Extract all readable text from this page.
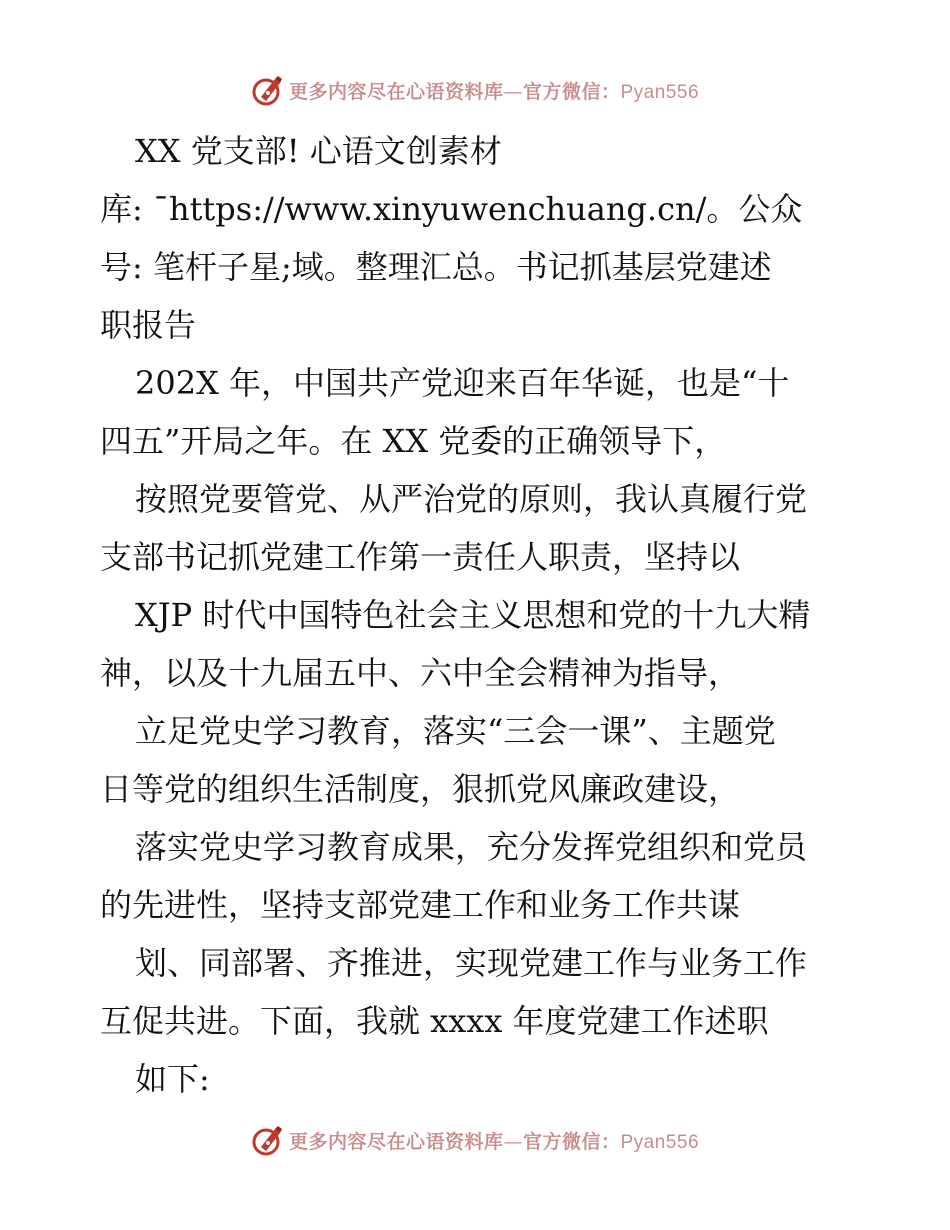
更多内容尽在心语资料库—官方微信：Pyan556
XX 党支部! 心语文创素材
库: ¯https://www.xinyuwenchuang.cn/。公众
号: 笔杆子星;域。整理汇总。书记抓基层党建述
职报告
202X 年，中国共产党迎来百年华诞，也是“十
四五”开局之年。在 XX 党委的正确领导下，
按照党要管党、从严治党的原则，我认真履行党
支部书记抓党建工作第一责任人职责，坚持以
XJP 时代中国特色社会主义思想和党的十九大精
神，以及十九届五中、六中全会精神为指导，
立足党史学习教育，落实“三会一课”、主题党
日等党的组织生活制度，狠抓党风廉政建设，
落实党史学习教育成果，充分发挥党组织和党员
的先进性，坚持支部党建工作和业务工作共谋
划、同部署、齐推进，实现党建工作与业务工作
互促共进。下面，我就 xxxx 年度党建工作述职
如下:
更多内容尽在心语资料库—官方微信：Pyan556
